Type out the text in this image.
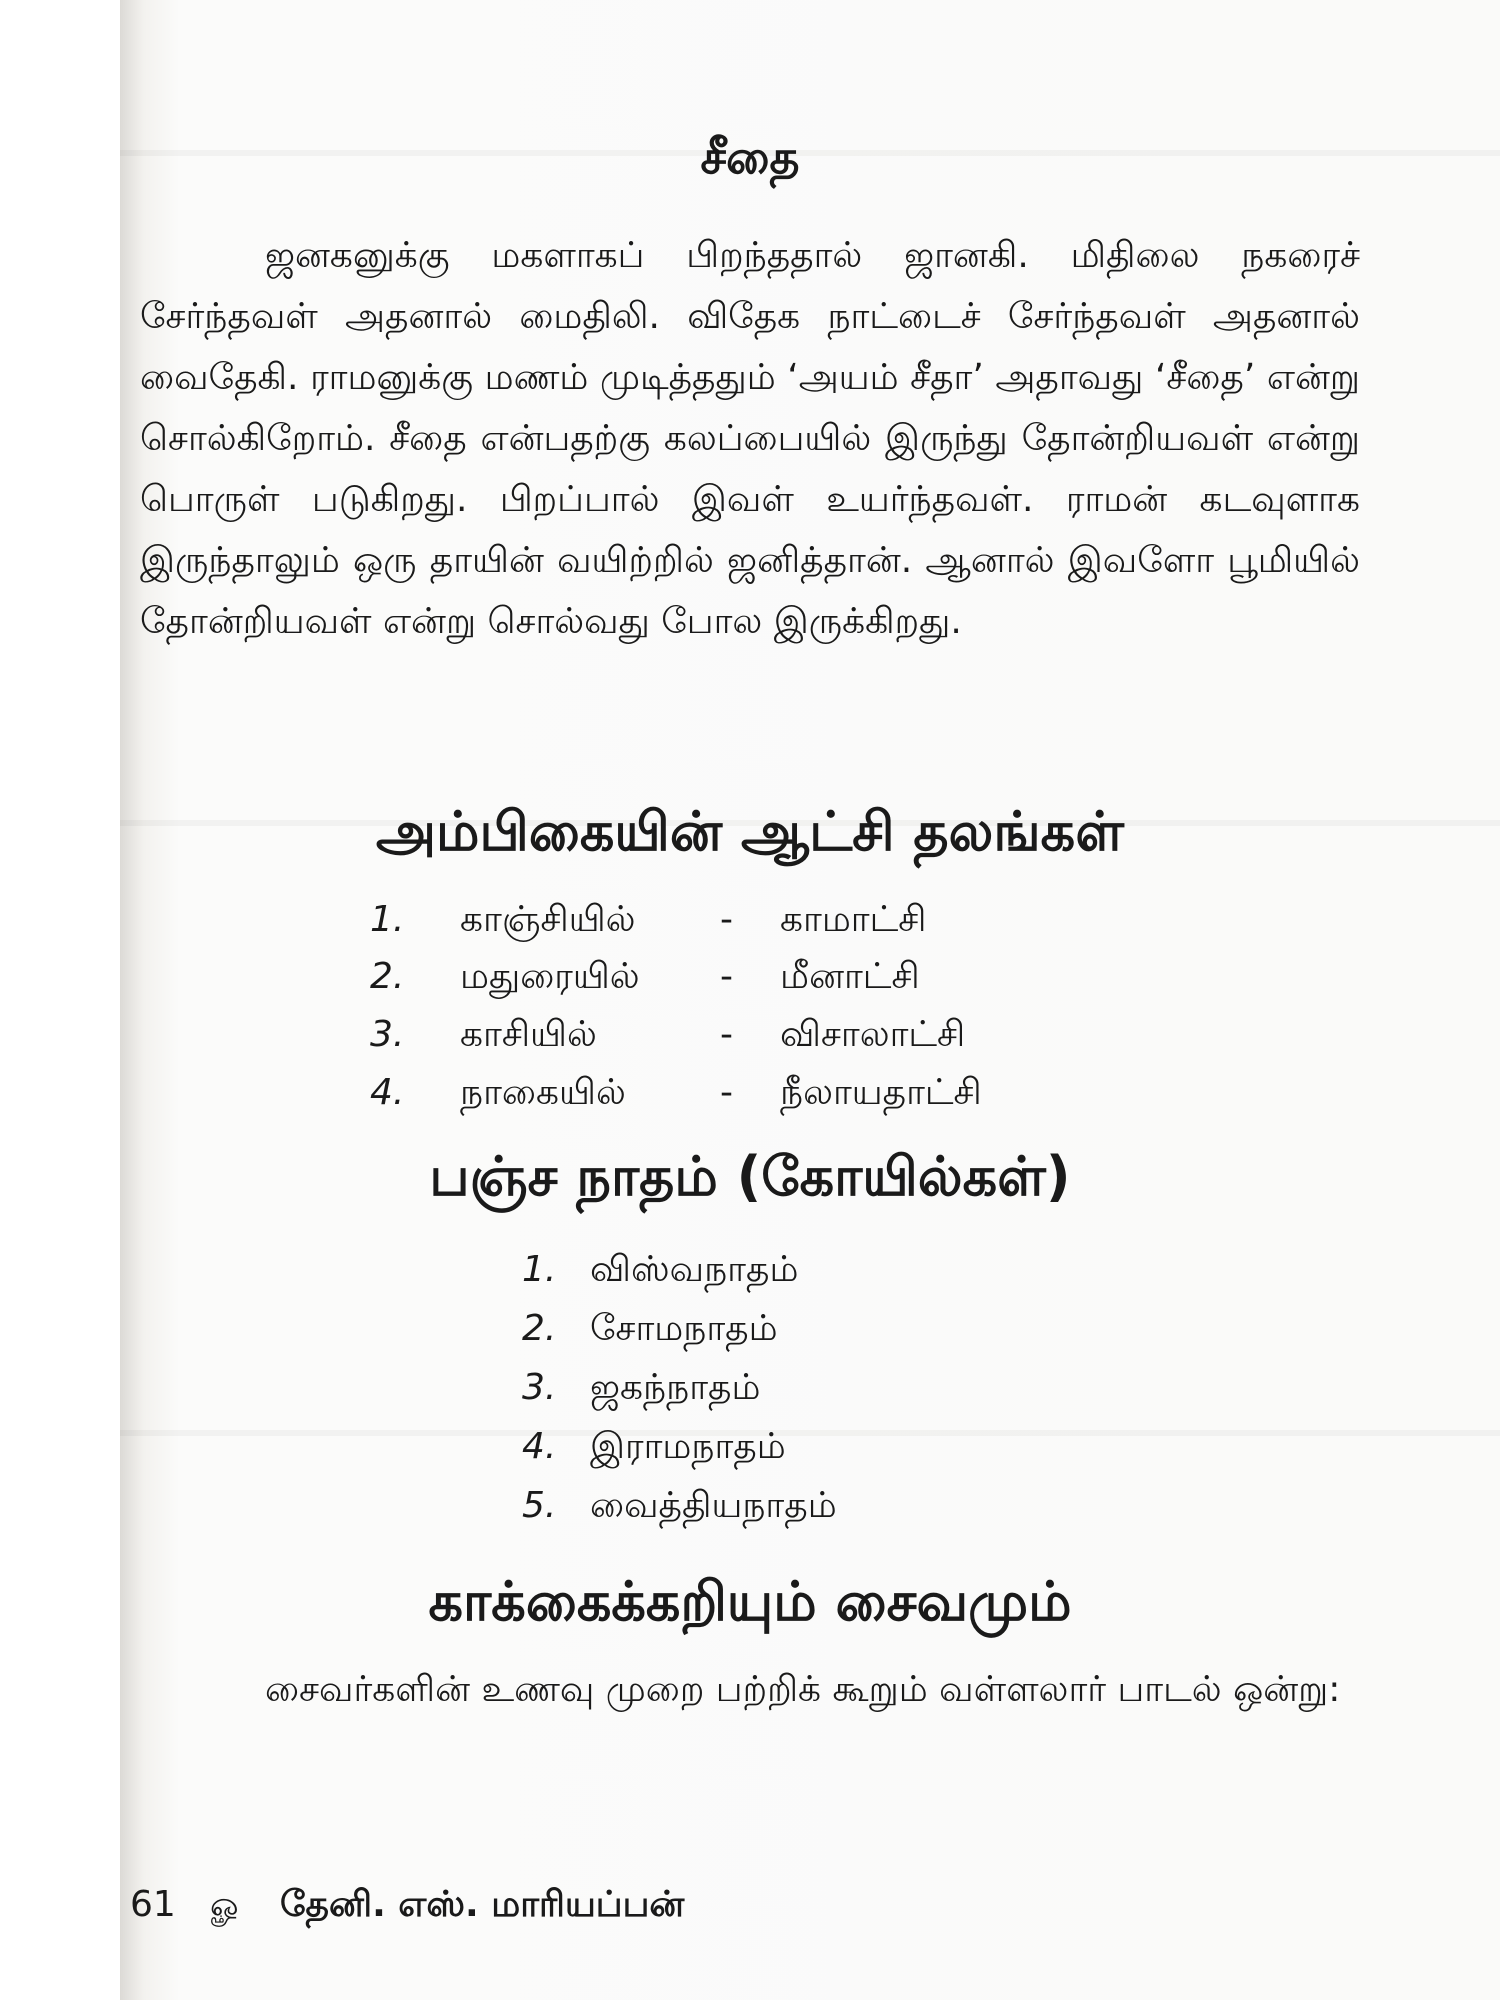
சீதை

ஜனகனுக்கு மகளாகப் பிறந்ததால் ஜானகி. மிதிலை நகரைச் சேர்ந்தவள் அதனால் மைதிலி. விதேக நாட்டைச் சேர்ந்தவள் அதனால் வைதேகி. ராமனுக்கு மணம் முடித்ததும் ‘அயம் சீதா’ அதாவது ‘சீதை’ என்று சொல்கிறோம். சீதை என்பதற்கு கலப்பையில் இருந்து தோன்றியவள் என்று பொருள் படுகிறது. பிறப்பால் இவள் உயர்ந்தவள். ராமன் கடவுளாக இருந்தாலும் ஒரு தாயின் வயிற்றில் ஜனித்தான். ஆனால் இவளோ பூமியில் தோன்றியவள் என்று சொல்வது போல இருக்கிறது.

அம்பிகையின் ஆட்சி தலங்கள்
1. காஞ்சியில் - காமாட்சி
2. மதுரையில் - மீனாட்சி
3. காசியில்	- விசாலாட்சி
4. நாகையில்	- நீலாயதாட்சி
பஞ்ச நாதம் (கோயில்கள்)
1. விஸ்வநாதம்
2. சோமநாதம்
3. ஜகந்நாதம்
4. இராமநாதம்
5. வைத்தியநாதம்
காக்கைக்கறியும் சைவமும்

சைவர்களின் உணவு முறை பற்றிக் கூறும் வள்ளலார் பாடல் ஒன்று:

61 ௐ தேனி. எஸ். மாரியப்பன்
